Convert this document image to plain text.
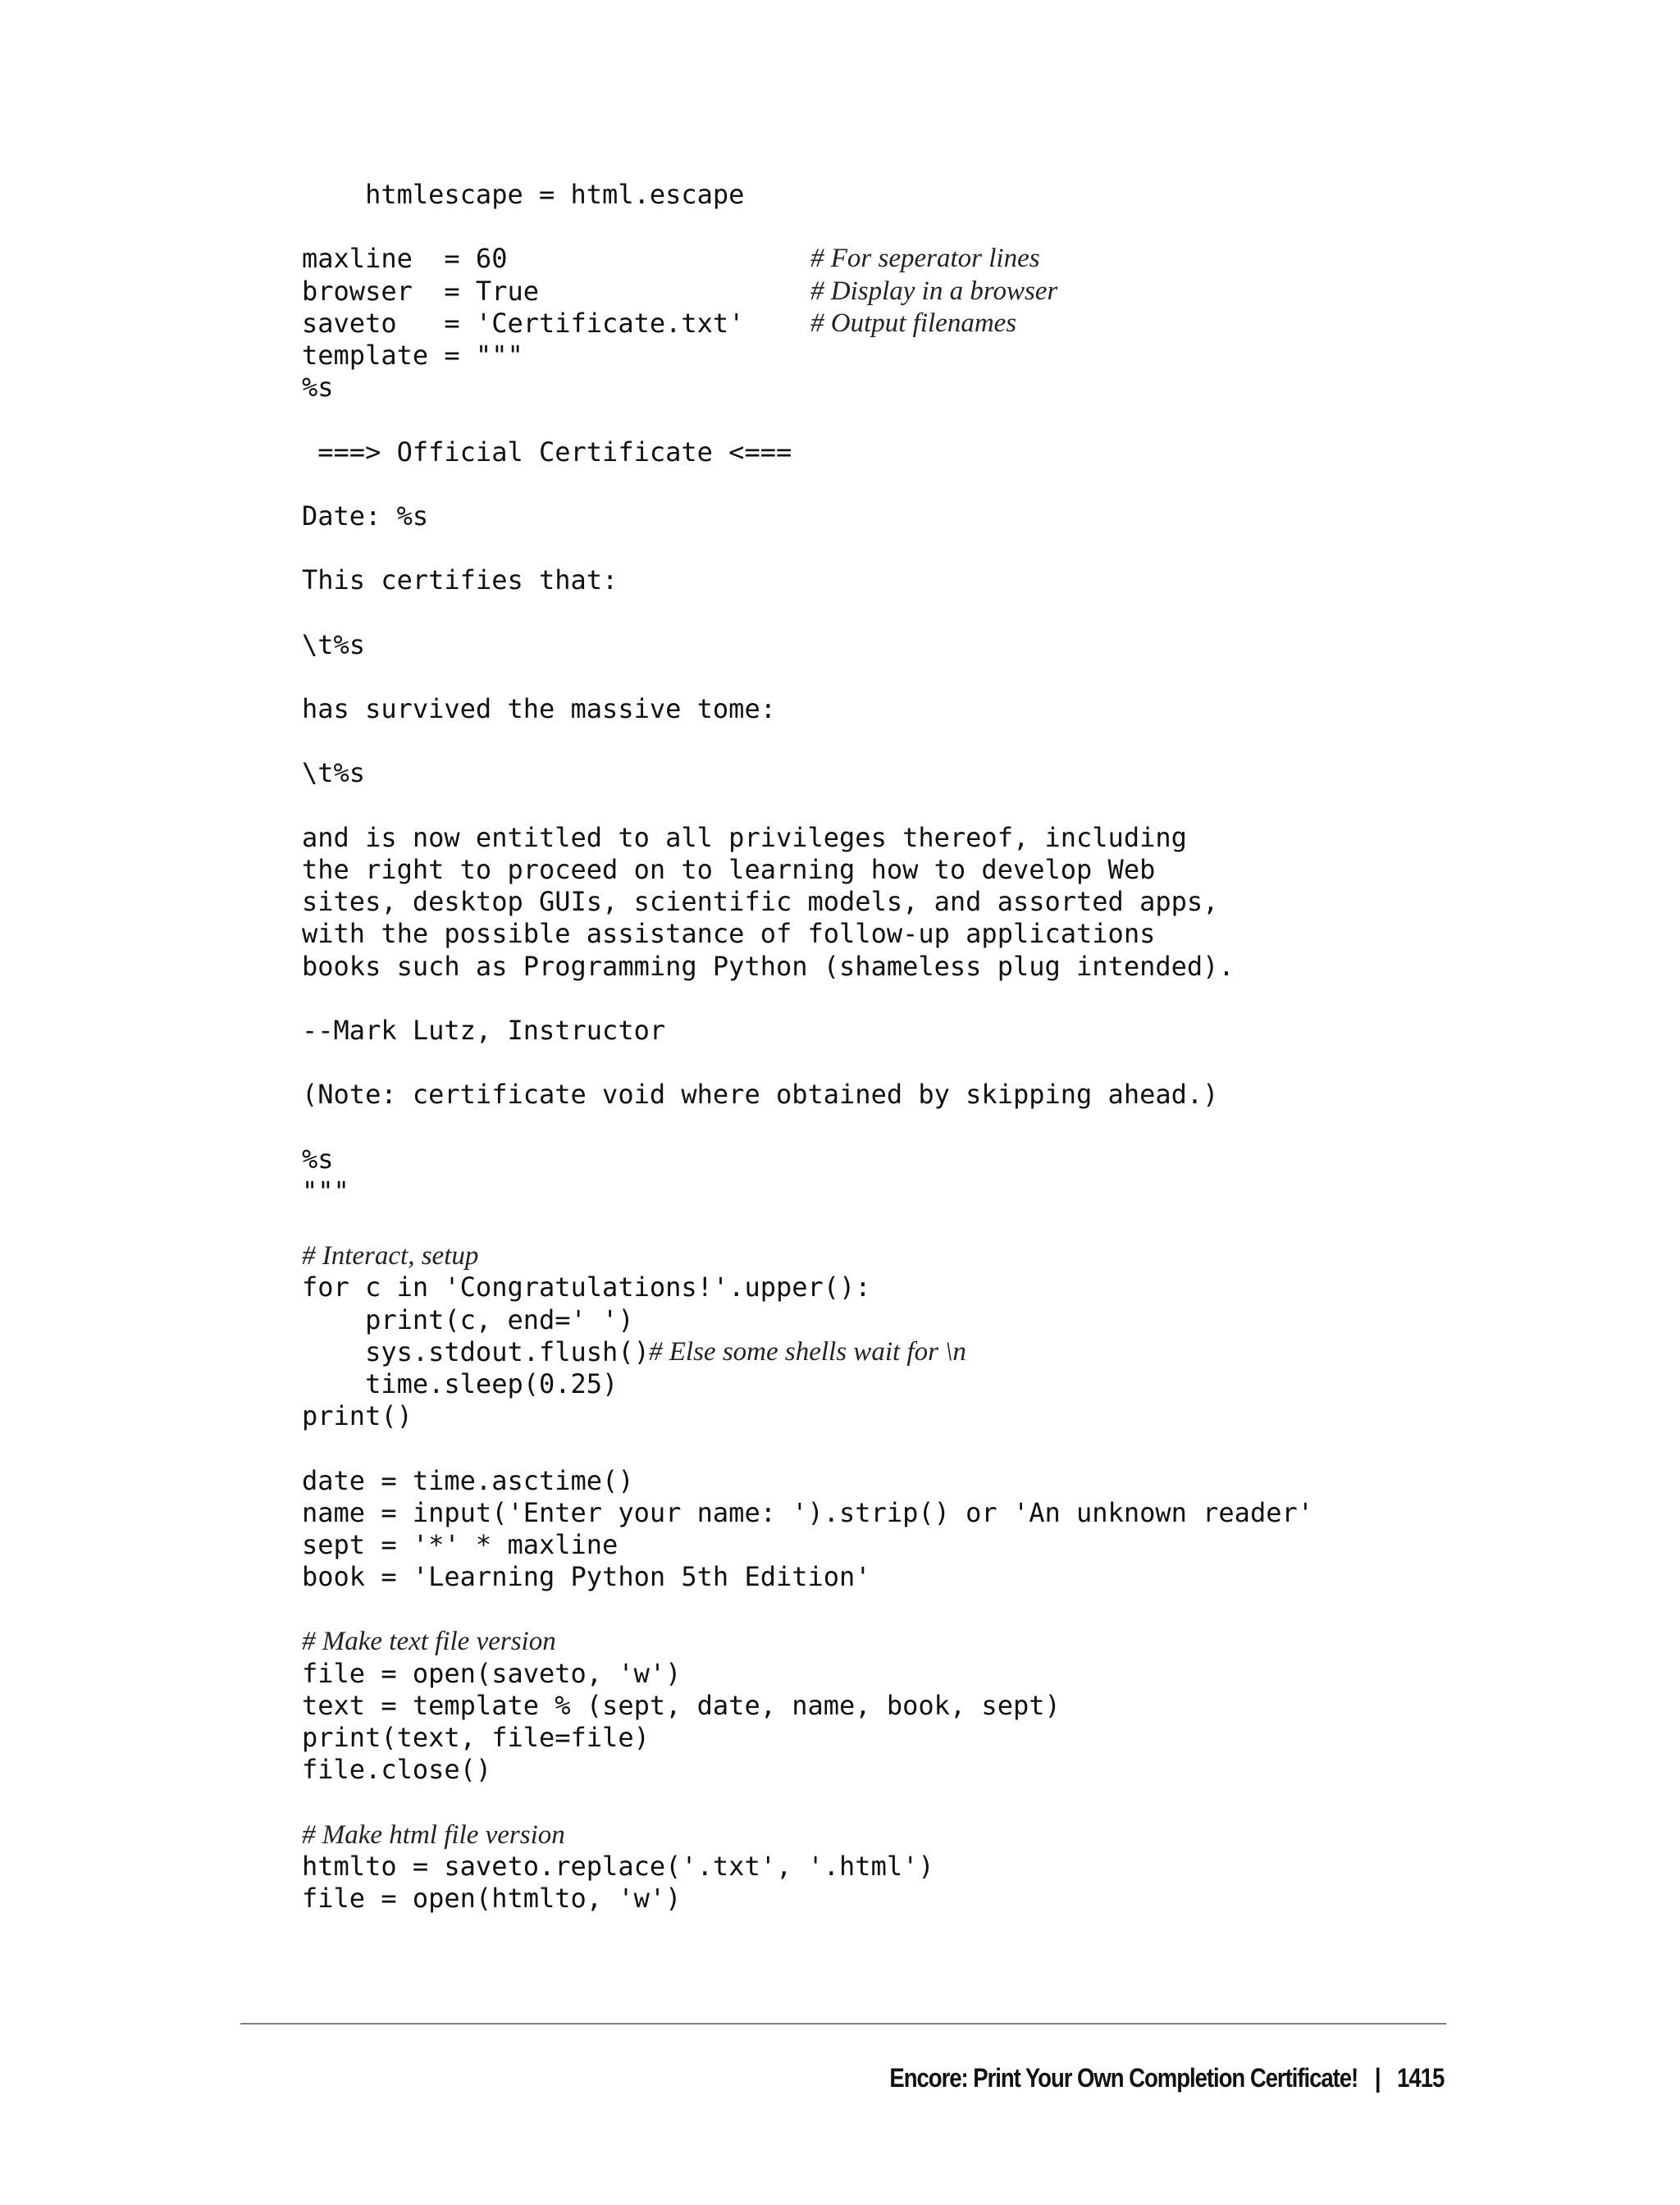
htmlescape = html.escape
maxline  = 60	# For seperator lines
browser  = True	# Display in a browser
saveto   = 'Certificate.txt' # Output filenames
template = """
%s
===> Official Certificate <===
Date: %s
This certifies that:
\t%s
has survived the massive tome:
\t%s
and is now entitled to all privileges thereof, including
the right to proceed on to learning how to develop Web
sites, desktop GUIs, scientific models, and assorted apps,
with the possible assistance of follow-up applications
books such as Programming Python (shameless plug intended).
--Mark Lutz, Instructor
(Note: certificate void where obtained by skipping ahead.)
%s
"""
# Interact, setup
for c in 'Congratulations!'.upper():
print(c, end=' ')
sys.stdout.flush() # Else some shells wait for \n
time.sleep(0.25)
print()
date = time.asctime()
name = input('Enter your name: ').strip() or 'An unknown reader'
sept = '*' * maxline
book = 'Learning Python 5th Edition'
# Make text file version
file = open(saveto, 'w')
text = template % (sept, date, name, book, sept)
print(text, file=file)
file.close()
# Make html file version
htmlto = saveto.replace('.txt', '.html')
file = open(htmlto, 'w')

Encore: Print Your Own Completion Certificate! | 1415
